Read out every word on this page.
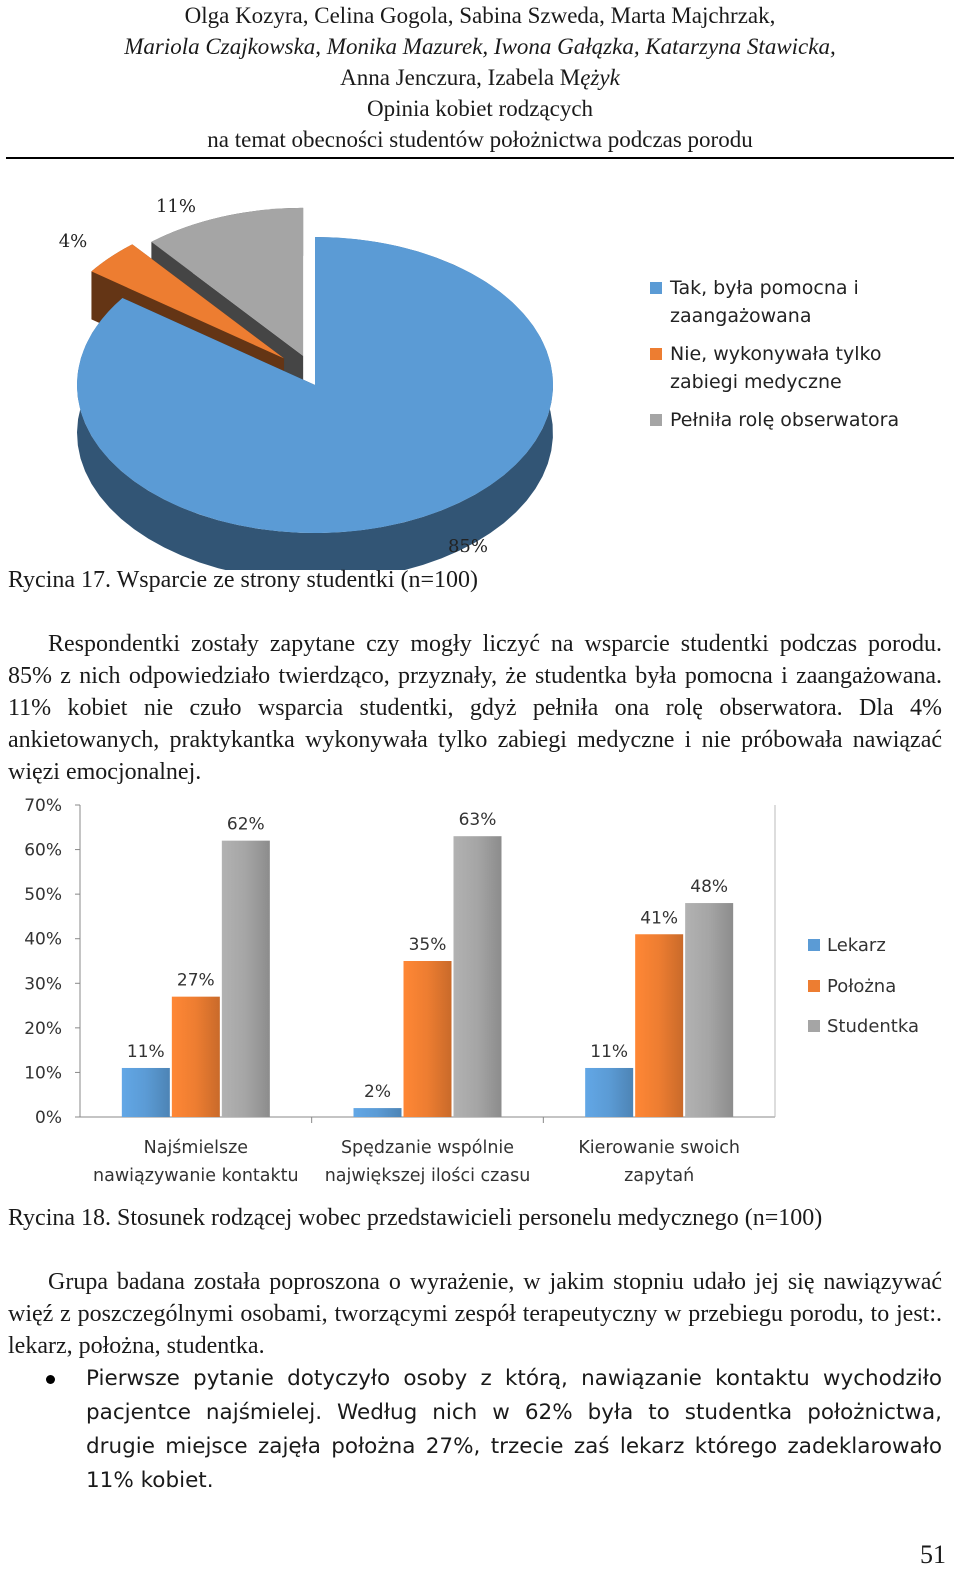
Olga Kozyra, Celina Gogola, Sabina Szweda, Marta Majchrzak,
Mariola Czajkowska, Monika Mazurek, Iwona Gałązka, Katarzyna Stawicka,
Anna Jenczura, Izabela Mężyk
Opinia kobiet rodzących
na temat obecności studentów położnictwa podczas porodu
85%
4%
11%
Tak, była pomocna i
zaangażowana
Nie, wykonywała tylko
zabiegi medyczne
Pełniła rolę obserwatora
Rycina 17. Wsparcie ze strony studentki (n=100)

Respondentki zostały zapytane czy mogły liczyć na wsparcie studentki podczas porodu. 85% z nich odpowiedziało twierdząco, przyznały, że studentka była pomocna i zaangażowana. 11% kobiet nie czuło wsparcia studentki, gdyż pełniła ona rolę obserwatora. Dla 4% ankietowanych, praktykantka wykonywała tylko zabiegi medyczne i nie próbowała nawiązać więzi emocjonalnej.

0%
10%
20%
30%
40%
50%
60%
70%
11%
27%
62%
Najśmielsze
nawiązywanie kontaktu
2%
35%
63%
Spędzanie wspólnie
największej ilości czasu
11%
41%
48%
Kierowanie swoich
zapytań
Lekarz
Położna
Studentka
Rycina 18. Stosunek rodzącej wobec przedstawicieli personelu medycznego (n=100)

Grupa badana została poproszona o wyrażenie, w jakim stopniu udało jej się nawiązywać więź z poszczególnymi osobami, tworzącymi zespół terapeutyczny w przebiegu porodu, to jest:. lekarz, położna, studentka.

Pierwsze pytanie dotyczyło osoby z którą, nawiązanie kontaktu wychodziło pacjentce najśmielej. Według nich w 62% była to studentka położnictwa, drugie miejsce zajęła położna 27%, trzecie zaś lekarz którego zadeklarowało 11% kobiet.
51
